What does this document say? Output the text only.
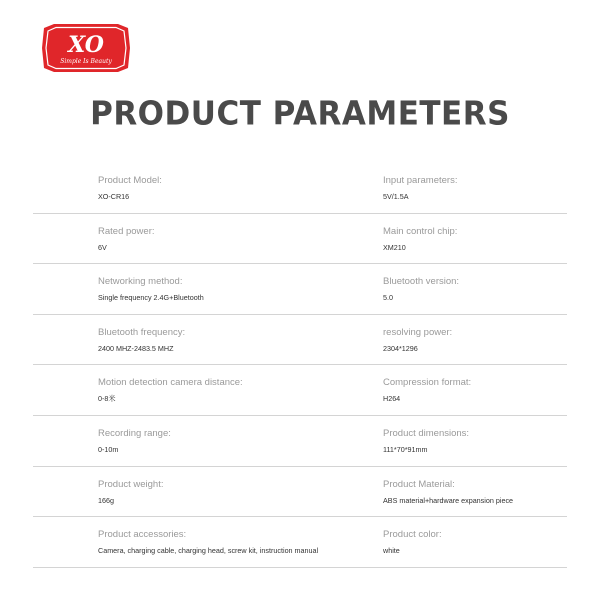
XO
Simple Is Beauty
PRODUCT PARAMETERS
Product Model:
XO-CR16
Input parameters:
5V/1.5A
Rated power:
6V
Main control chip:
XM210
Networking method:
Single frequency 2.4G+Bluetooth
Bluetooth version:
5.0
Bluetooth frequency:
2400 MHZ-2483.5 MHZ
resolving power:
2304*1296
Motion detection camera distance:
0-8米
Compression format:
H264
Recording range:
0-10m
Product dimensions:
111*70*91mm
Product weight:
166g
Product Material:
ABS material+hardware expansion piece
Product accessories:
Camera, charging cable, charging head, screw kit, instruction manual
Product color:
white
